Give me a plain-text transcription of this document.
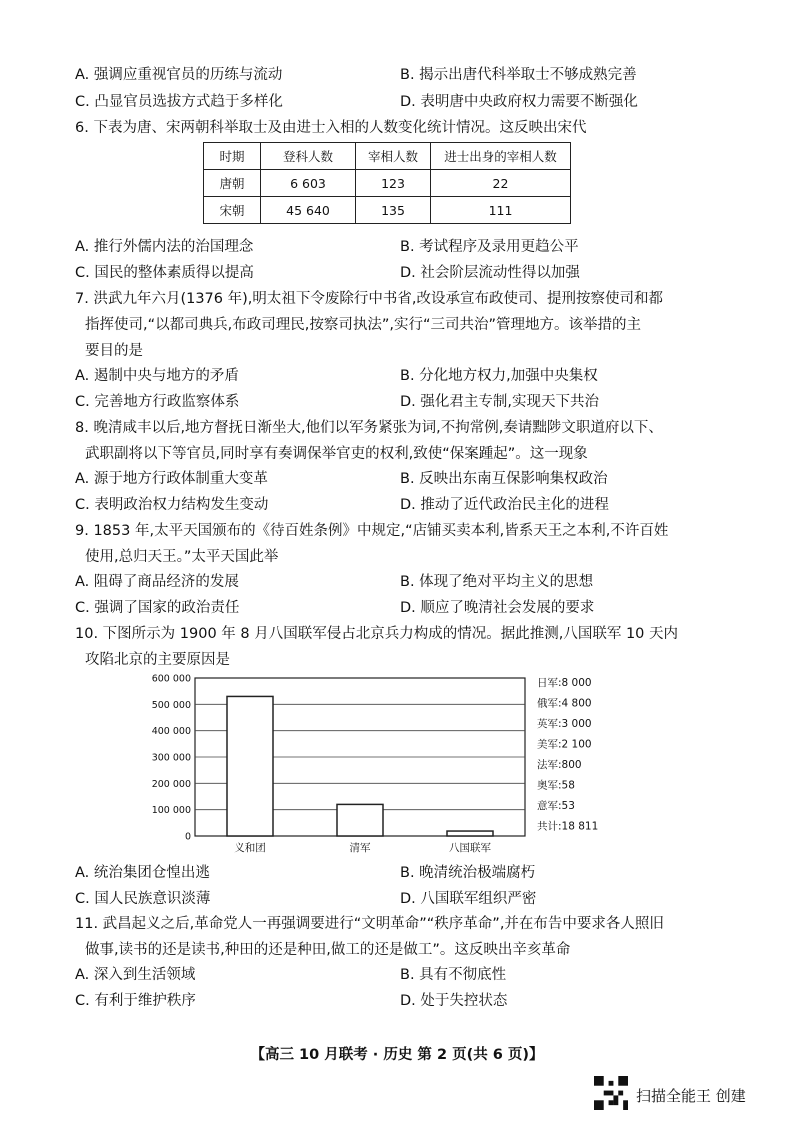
A. 强调应重视官员的历练与流动	B. 揭示出唐代科举取士不够成熟完善
C. 凸显官员选拔方式趋于多样化	D. 表明唐中央政府权力需要不断强化
6. 下表为唐、宋两朝科举取士及由进士入相的人数变化统计情况。这反映出宋代
时期	登科人数	宰相人数	进士出身的宰相人数
唐朝	6 603	123	22
宋朝	45 640	135	111
A. 推行外儒内法的治国理念	B. 考试程序及录用更趋公平
C. 国民的整体素质得以提高	D. 社会阶层流动性得以加强
7. 洪武九年六月(1376 年),明太祖下令废除行中书省,改设承宣布政使司、提刑按察使司和都
指挥使司,“以都司典兵,布政司理民,按察司执法”,实行“三司共治”管理地方。该举措的主
要目的是
A. 遏制中央与地方的矛盾	B. 分化地方权力,加强中央集权
C. 完善地方行政监察体系	D. 强化君主专制,实现天下共治
8. 晚清咸丰以后,地方督抚日渐坐大,他们以军务紧张为词,不拘常例,奏请黜陟文职道府以下、
武职副将以下等官员,同时享有奏调保举官吏的权利,致使“保案踵起”。这一现象
A. 源于地方行政体制重大变革	B. 反映出东南互保影响集权政治
C. 表明政治权力结构发生变动	D. 推动了近代政治民主化的进程
9. 1853 年,太平天国颁布的《待百姓条例》中规定,“店铺买卖本利,皆系天王之本利,不许百姓
使用,总归天王。”太平天国此举
A. 阻碍了商品经济的发展	B. 体现了绝对平均主义的思想
C. 强调了国家的政治责任	D. 顺应了晚清社会发展的要求
10. 下图所示为 1900 年 8 月八国联军侵占北京兵力构成的情况。据此推测,八国联军 10 天内
攻陷北京的主要原因是
0
100 000
200 000
300 000
400 000
500 000
600 000
义和团	清军	八国联军
日军:8 000
俄军:4 800
英军:3 000
美军:2 100
法军:800
奥军:58
意军:53
共计:18 811
A. 统治集团仓惶出逃	B. 晚清统治极端腐朽
C. 国人民族意识淡薄	D. 八国联军组织严密
11. 武昌起义之后,革命党人一再强调要进行“文明革命”“秩序革命”,并在布告中要求各人照旧
做事,读书的还是读书,种田的还是种田,做工的还是做工”。这反映出辛亥革命
A. 深入到生活领域	B. 具有不彻底性
C. 有利于维护秩序	D. 处于失控状态
【高三 10 月联考 · 历史 第 2 页(共 6 页)】
扫描全能王 创建
